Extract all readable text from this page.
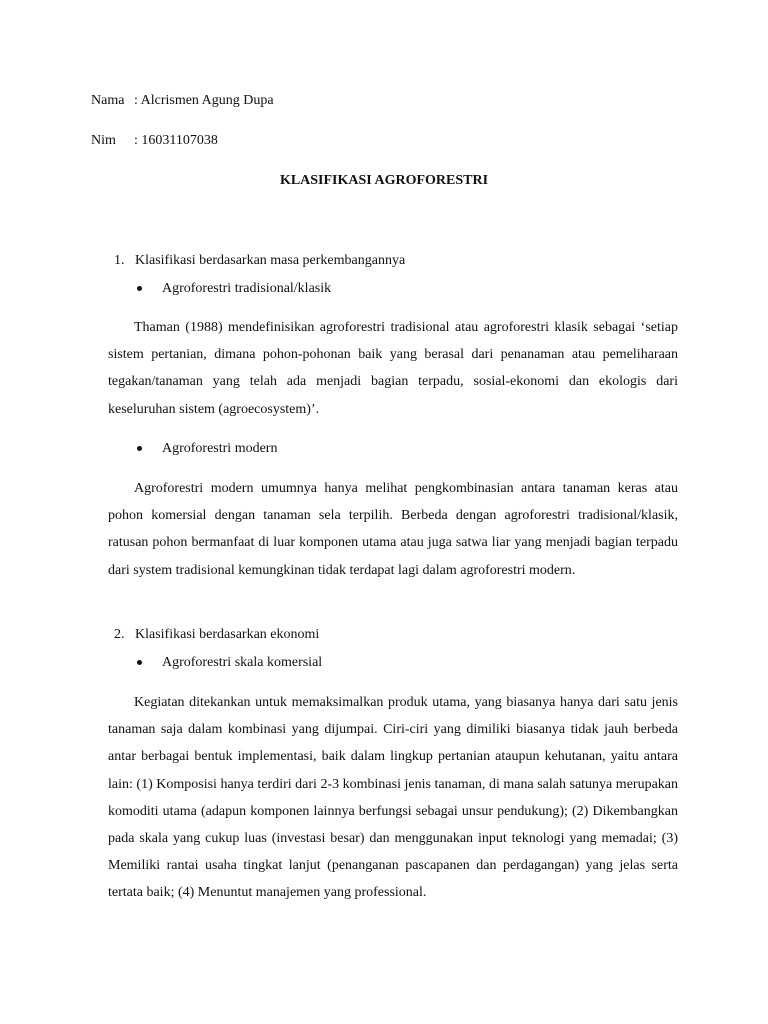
Nama : Alcrismen Agung Dupa
Nim : 16031107038
KLASIFIKASI AGROFORESTRI
1. Klasifikasi berdasarkan masa perkembangannya
Agroforestri tradisional/klasik

Thaman (1988) mendefinisikan agroforestri tradisional atau agroforestri klasik sebagai ‘setiap sistem pertanian, dimana pohon-pohonan baik yang berasal dari penanaman atau pemeliharaan tegakan/tanaman yang telah ada menjadi bagian terpadu, sosial-ekonomi dan ekologis dari keseluruhan sistem (agroecosystem)’.

Agroforestri modern

Agroforestri modern umumnya hanya melihat pengkombinasian antara tanaman keras atau pohon komersial dengan tanaman sela terpilih. Berbeda dengan agroforestri tradisional/klasik, ratusan pohon bermanfaat di luar komponen utama atau juga satwa liar yang menjadi bagian terpadu dari system tradisional kemungkinan tidak terdapat lagi dalam agroforestri modern.

2. Klasifikasi berdasarkan ekonomi
Agroforestri skala komersial

Kegiatan ditekankan untuk memaksimalkan produk utama, yang biasanya hanya dari satu jenis tanaman saja dalam kombinasi yang dijumpai. Ciri-ciri yang dimiliki biasanya tidak jauh berbeda antar berbagai bentuk implementasi, baik dalam lingkup pertanian ataupun kehutanan, yaitu antara lain: (1) Komposisi hanya terdiri dari 2-3 kombinasi jenis tanaman, di mana salah satunya merupakan komoditi utama (adapun komponen lainnya berfungsi sebagai unsur pendukung); (2) Dikembangkan pada skala yang cukup luas (investasi besar) dan menggunakan input teknologi yang memadai; (3) Memiliki rantai usaha tingkat lanjut (penanganan pascapanen dan perdagangan) yang jelas serta tertata baik; (4) Menuntut manajemen yang professional.
